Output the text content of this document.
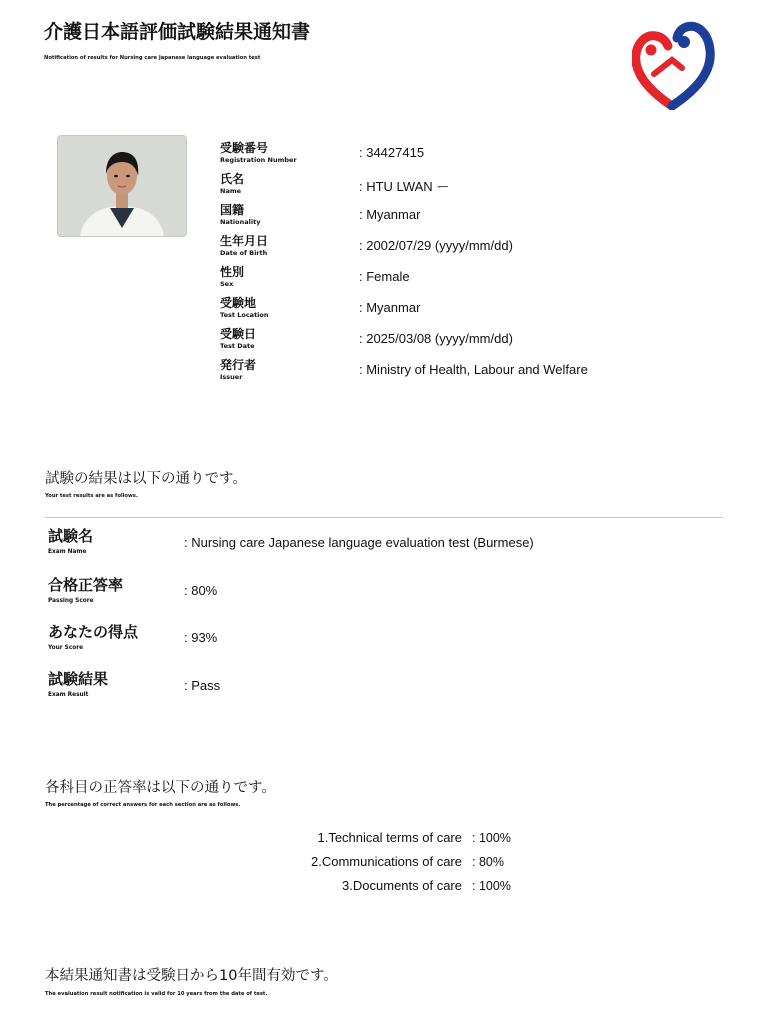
介護日本語評価試験結果通知書
Notification of results for Nursing care Japanese language evaluation test
受験番号
Registration Number	: 34427415
氏名
Name	: HTU LWAN ー
国籍
Nationality	: Myanmar
生年月日
Date of Birth	: 2002/07/29 (yyyy/mm/dd)
性別
Sex	: Female
受験地
Test Location	: Myanmar
受験日
Test Date	: 2025/03/08 (yyyy/mm/dd)
発行者
Issuer	: Ministry of Health, Labour and Welfare
試験の結果は以下の通りです。
Your test results are as follows.
試験名
Exam Name
: Nursing care Japanese language evaluation test (Burmese)
合格正答率
Passing Score
: 80%
あなたの得点
Your Score
: 93%
試験結果
Exam Result
: Pass
各科目の正答率は以下の通りです。
The percentage of correct answers for each section are as follows.
1.Technical terms of care : 100%
2.Communications of care : 80%
3.Documents of care : 100%
本結果通知書は受験日から10年間有効です。
The evaluation result notification is valid for 10 years from the date of test.
